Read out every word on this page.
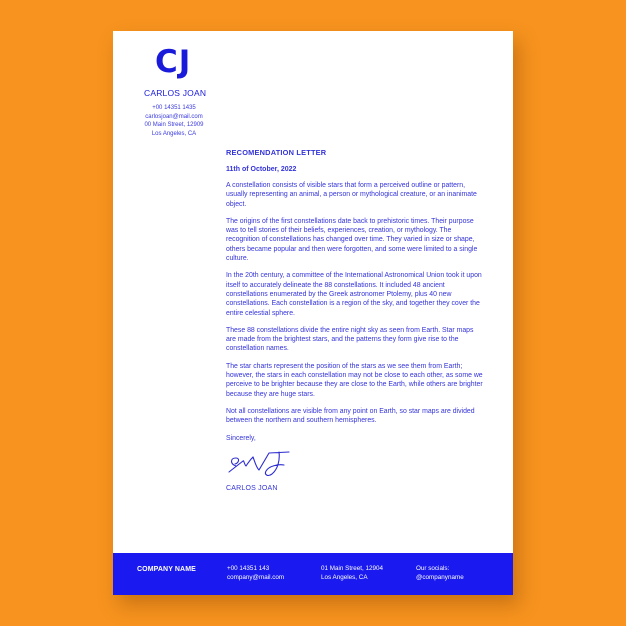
CJ
CARLOS JOAN
+00 14351 1435
carlosjoan@mail.com
00 Main Street, 12909
Los Angeles, CA
RECOMENDATION LETTER
11th of October, 2022
A constellation consists of visible stars that form a perceived outline or pattern, usually representing an animal, a person or mythological creature, or an inanimate object.
The origins of the first constellations date back to prehistoric times. Their purpose was to tell stories of their beliefs, experiences, creation, or mythology. The recognition of constellations has changed over time. They varied in size or shape, others became popular and then were forgotten, and some were limited to a single culture.
In the 20th century, a committee of the International Astronomical Union took it upon itself to accurately delineate the 88 constellations. It included 48 ancient constellations enumerated by the Greek astronomer Ptolemy, plus 40 new constellations. Each constellation is a region of the sky, and together they cover the entire celestial sphere.
These 88 constellations divide the entire night sky as seen from Earth. Star maps are made from the brightest stars, and the patterns they form give rise to the constellation names.
The star charts represent the position of the stars as we see them from Earth; however, the stars in each constellation may not be close to each other, as some we perceive to be brighter because they are close to the Earth, while others are brighter because they are huge stars.
Not all constellations are visible from any point on Earth, so star maps are divided between the northern and southern hemispheres.
Sincerely,
CARLOS JOAN
COMPANY NAME	+00 14351 143
company@mail.com
01 Main Street, 12904
Los Angeles, CA
Our socials:
@companyname
